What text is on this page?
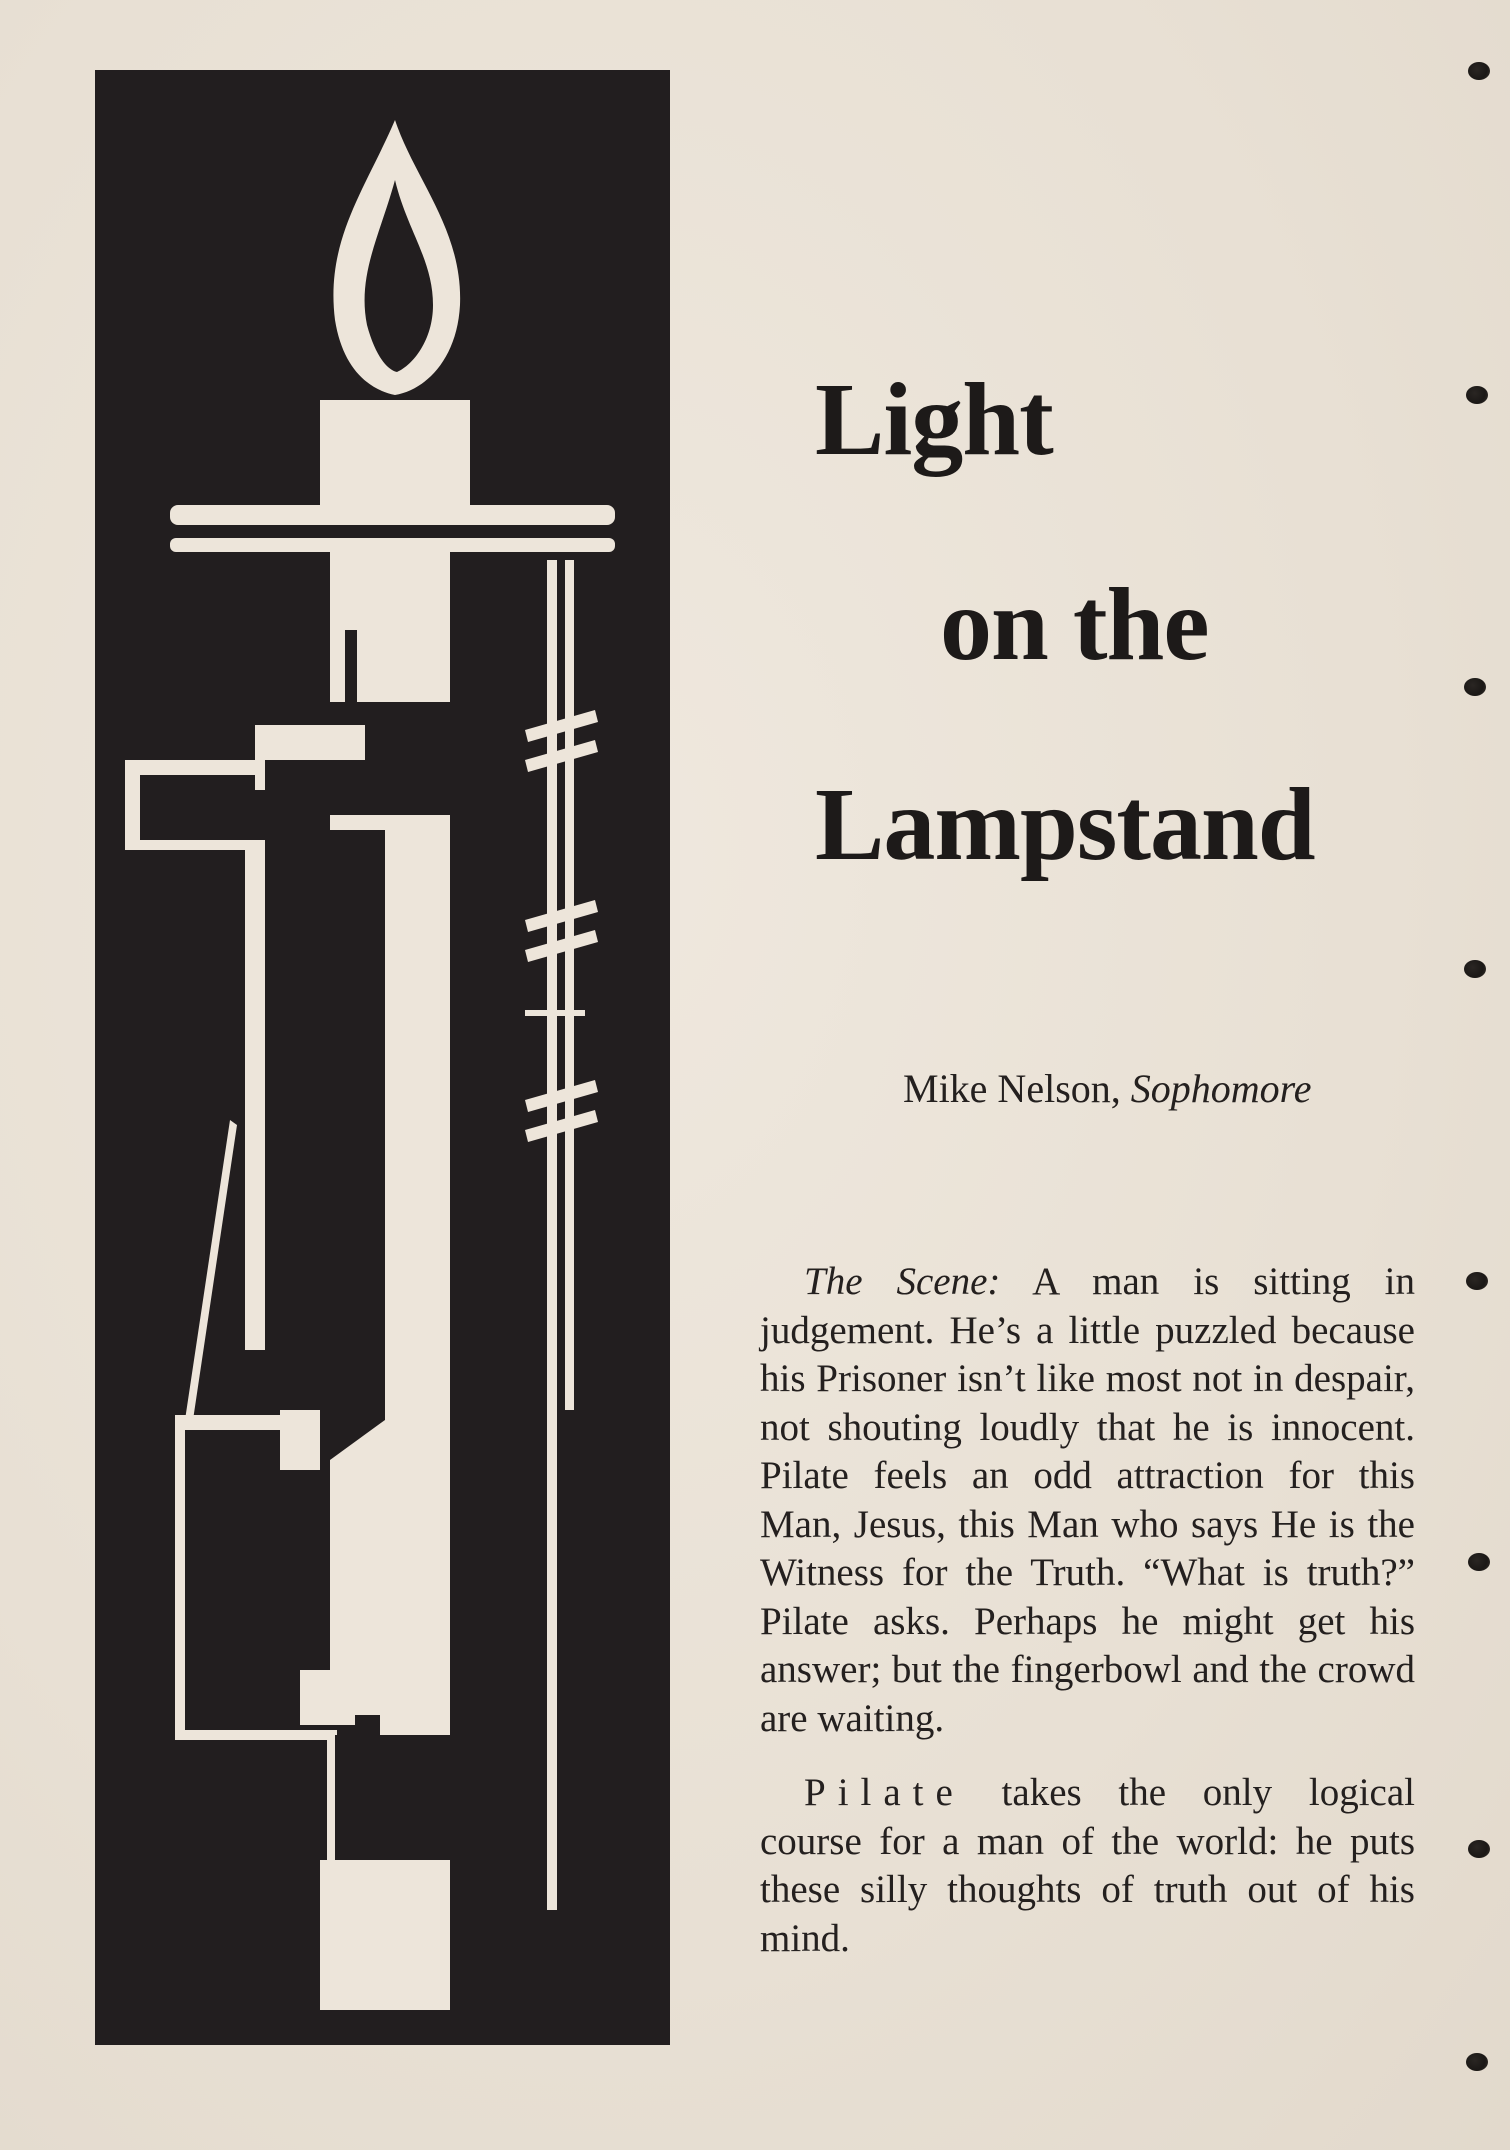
Light
on the
Lampstand
Mike Nelson, Sophomore

The Scene: A man is sitting in judgement. He’s a little puzzled because his Prisoner isn’t like most not in despair, not shouting loudly that he is innocent. Pilate feels an odd attraction for this Man, Jesus, this Man who says He is the Witness for the Truth. “What is truth?” Pilate asks. Perhaps he might get his answer; but the fingerbowl and the crowd are waiting.

Pilate takes the only logical course for a man of the world: he puts these silly thoughts of truth out of his mind.
